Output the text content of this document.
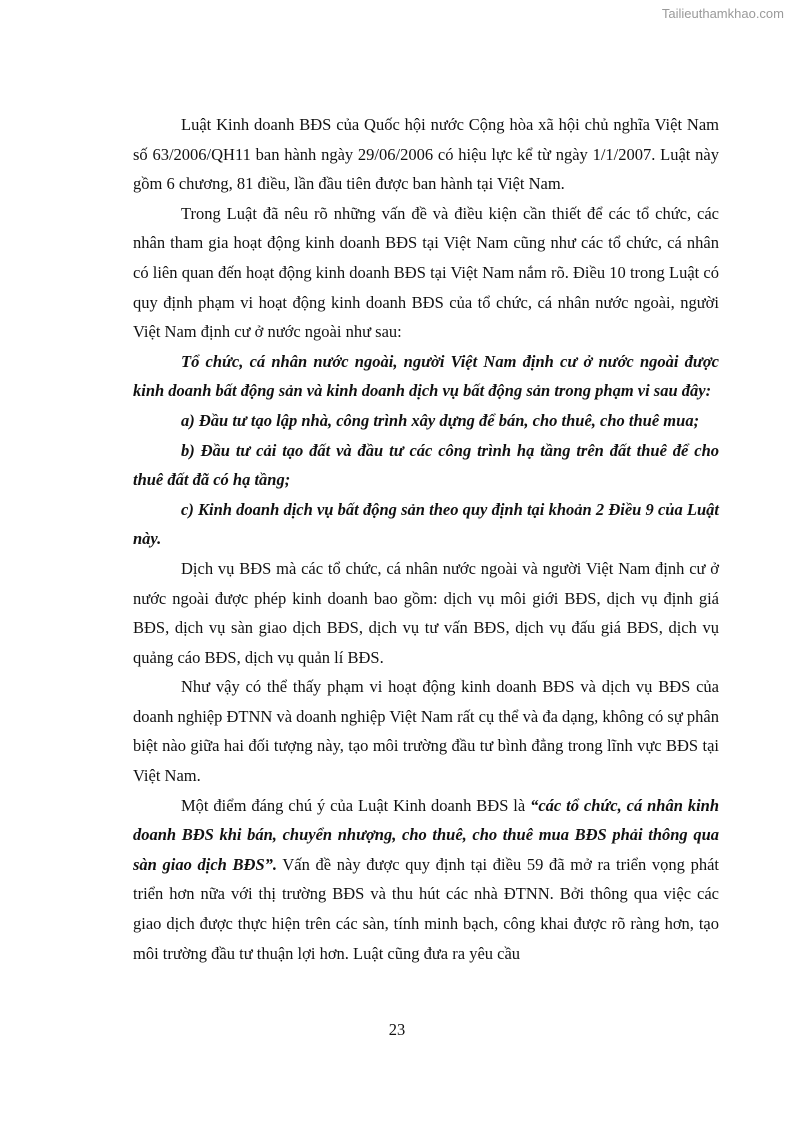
Tailieuthamkhao.com

Luật Kinh doanh BĐS của Quốc hội nước Cộng hòa xã hội chủ nghĩa Việt Nam số 63/2006/QH11 ban hành ngày 29/06/2006 có hiệu lực kể từ ngày 1/1/2007. Luật này gồm 6 chương, 81 điều, lần đầu tiên được ban hành tại Việt Nam.

Trong Luật đã nêu rõ những vấn đề và điều kiện cần thiết để các tổ chức, các nhân tham gia hoạt động kinh doanh BĐS tại Việt Nam cũng như các tổ chức, cá nhân có liên quan đến hoạt động kinh doanh BĐS tại Việt Nam nắm rõ. Điều 10 trong Luật có quy định phạm vi hoạt động kinh doanh BĐS của tổ chức, cá nhân nước ngoài, người Việt Nam định cư ở nước ngoài như sau:

Tổ chức, cá nhân nước ngoài, người Việt Nam định cư ở nước ngoài được kinh doanh bất động sản và kinh doanh dịch vụ bất động sản trong phạm vi sau đây:

a) Đầu tư tạo lập nhà, công trình xây dựng để bán, cho thuê, cho thuê mua;

b) Đầu tư cải tạo đất và đầu tư các công trình hạ tầng trên đất thuê để cho thuê đất đã có hạ tầng;

c) Kinh doanh dịch vụ bất động sản theo quy định tại khoản 2 Điều 9 của Luật này.

Dịch vụ BĐS mà các tổ chức, cá nhân nước ngoài và người Việt Nam định cư ở nước ngoài được phép kinh doanh bao gồm: dịch vụ môi giới BĐS, dịch vụ định giá BĐS, dịch vụ sàn giao dịch BĐS, dịch vụ tư vấn BĐS, dịch vụ đấu giá BĐS, dịch vụ quảng cáo BĐS, dịch vụ quản lí BĐS.

Như vậy có thể thấy phạm vi hoạt động kinh doanh BĐS và dịch vụ BĐS của doanh nghiệp ĐTNN và doanh nghiệp Việt Nam rất cụ thể và đa dạng, không có sự phân biệt nào giữa hai đối tượng này, tạo môi trường đầu tư bình đẳng trong lĩnh vực BĐS tại Việt Nam.

Một điểm đáng chú ý của Luật Kinh doanh BĐS là “các tổ chức, cá nhân kinh doanh BĐS khi bán, chuyển nhượng, cho thuê, cho thuê mua BĐS phải thông qua sàn giao dịch BĐS”. Vấn đề này được quy định tại điều 59 đã mở ra triển vọng phát triển hơn nữa với thị trường BĐS và thu hút các nhà ĐTNN. Bởi thông qua việc các giao dịch được thực hiện trên các sàn, tính minh bạch, công khai được rõ ràng hơn, tạo môi trường đầu tư thuận lợi hơn. Luật cũng đưa ra yêu cầu

23
